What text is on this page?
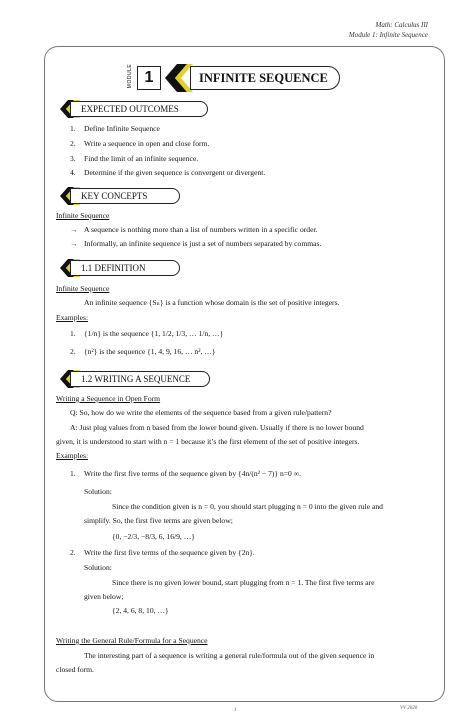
Math: Calculus III
Module 1: Infinite Sequence
MODULE 1	INFINITE SEQUENCE
EXPECTED OUTCOMES
1. Define Infinite Sequence
2. Write a sequence in open and close form.
3. Find the limit of an infinite sequence.
4. Determine if the given sequence is convergent or divergent.
KEY CONCEPTS
Infinite Sequence
→ A sequence is nothing more than a list of numbers written in a specific order.
→ Informally, an infinite sequence is just a set of numbers separated by commas.
1.1 DEFINITION
Infinite Sequence
An infinite sequence {Sₙ} is a function whose domain is the set of positive integers.
Examples:
1. {1/n} is the sequence {1, 1/2, 1/3, … 1/n, …}
2. {n²} is the sequence {1, 4, 9, 16, … n², …}
1.2 WRITING A SEQUENCE
Writing a Sequence in Open Form
Q: So, how do we write the elements of the sequence based from a given rule/pattern?
A: Just plug values from n based from the lower bound given. Usually if there is no lower bound
given, it is understood to start with n = 1 because it’s the first element of the set of positive integers.
Examples:
1. Write the first five terms of the sequence given by {4n/(n² − 7)} n=0 ∞.
Solution:
Since the condition given is n = 0, you should start plugging n = 0 into the given rule and
simplify. So, the first five terms are given below;
{0, −2/3, −8/3, 6, 16/9, …}
2. Write the first five terms of the sequence given by {2n}.
Solution:
Since there is no given lower bound, start plugging from n = 1. The first five terms are
given below;
{2, 4, 6, 8, 10, …}
Writing the General Rule/Formula for a Sequence
The interesting part of a sequence is writing a general rule/formula out of the given sequence in
closed form.
1	VV 2020
